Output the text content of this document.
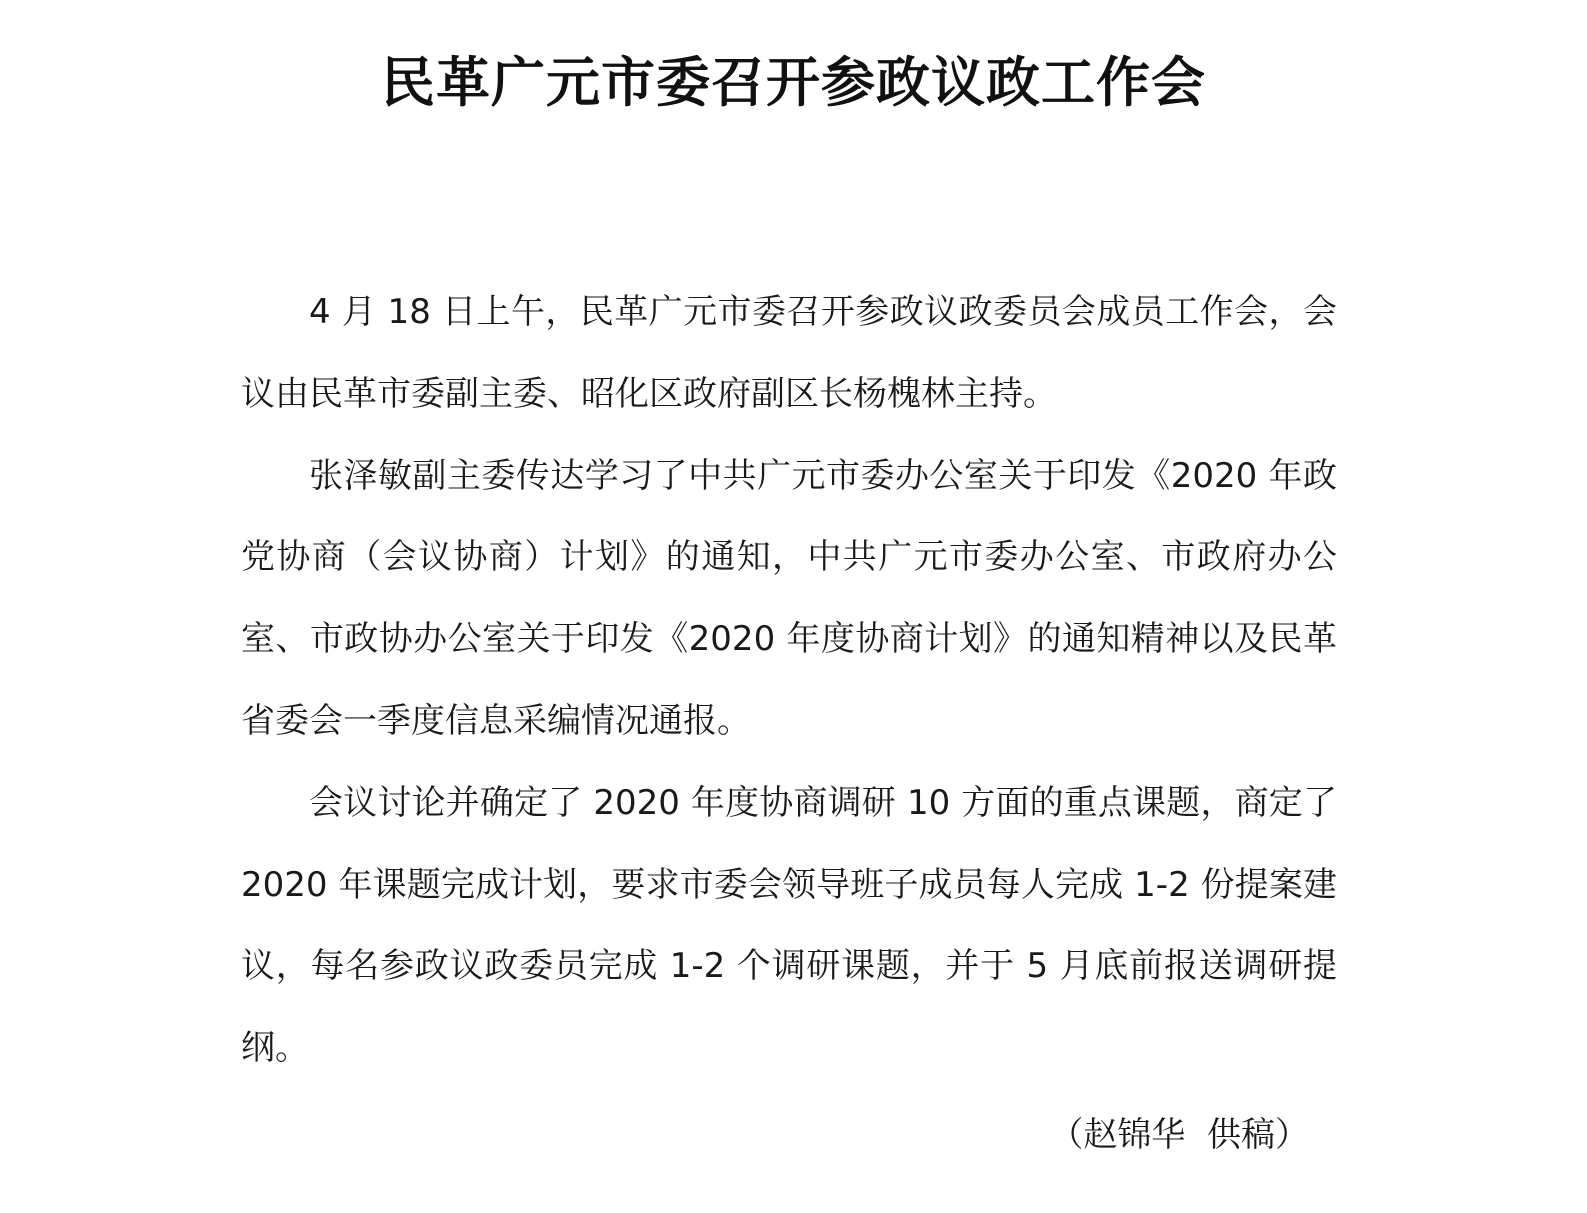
民革广元市委召开参政议政工作会

4 月 18 日上午，民革广元市委召开参政议政委员会成员工作会，会议由民革市委副主委、昭化区政府副区长杨槐林主持。

张泽敏副主委传达学习了中共广元市委办公室关于印发《2020 年政党协商（会议协商）计划》的通知，中共广元市委办公室、市政府办公室、市政协办公室关于印发《2020 年度协商计划》的通知精神以及民革省委会一季度信息采编情况通报。

会议讨论并确定了 2020 年度协商调研 10 方面的重点课题，商定了 2020 年课题完成计划，要求市委会领导班子成员每人完成 1-2 份提案建议，每名参政议政委员完成 1-2 个调研课题，并于 5 月底前报送调研提纲。

（赵锦华  供稿）
